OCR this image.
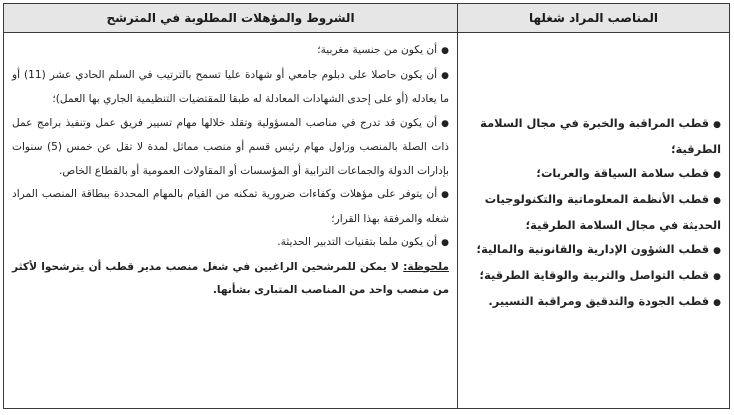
المناصب المراد شغلها
الشروط والمؤهلات المطلوبة في المترشح

●قطب المراقبة والخبرة في مجال السلامة الطرقية؛

●قطب سلامة السياقة والعربات؛

●قطب الأنظمة المعلوماتية والتكنولوجيات الحديثة في مجال السلامة الطرقية؛

●قطب الشؤون الإدارية والقانونية والمالية؛

●قطب التواصل والتربية والوقاية الطرقية؛

●قطب الجودة والتدقيق ومراقبة التسيير.

●أن يكون من جنسية مغربية؛

●أن يكون حاصلا على دبلوم جامعي أو شهادة عليا تسمح بالترتيب في السلم الحادي عشر (11) أو ما يعادله (أو على إحدى الشهادات المعادلة له طبقا للمقتضيات التنظيمية الجاري بها العمل)؛

●أن يكون قد تدرج في مناصب المسؤولية وتقلد خلالها مهام تسيير فريق عمل وتنفيذ برامج عمل ذات الصلة بالمنصب وزاول مهام رئيس قسم أو منصب مماثل لمدة لا تقل عن خمس (5) سنوات بإدارات الدولة والجماعات الترابية أو المؤسسات أو المقاولات العمومية أو بالقطاع الخاص.

●أن يتوفر على مؤهلات وكفاءات ضرورية تمكنه من القيام بالمهام المحددة ببطاقة المنصب المراد شغله والمرفقة بهذا القرار؛

●أن يكون ملما بتقنيات التدبير الحديثة.

ملحوظة: لا يمكن للمرشحين الراغبين في شغل منصب مدير قطب أن يترشحوا لأكثر من منصب واحد من المناصب المتبارى بشأنها.
